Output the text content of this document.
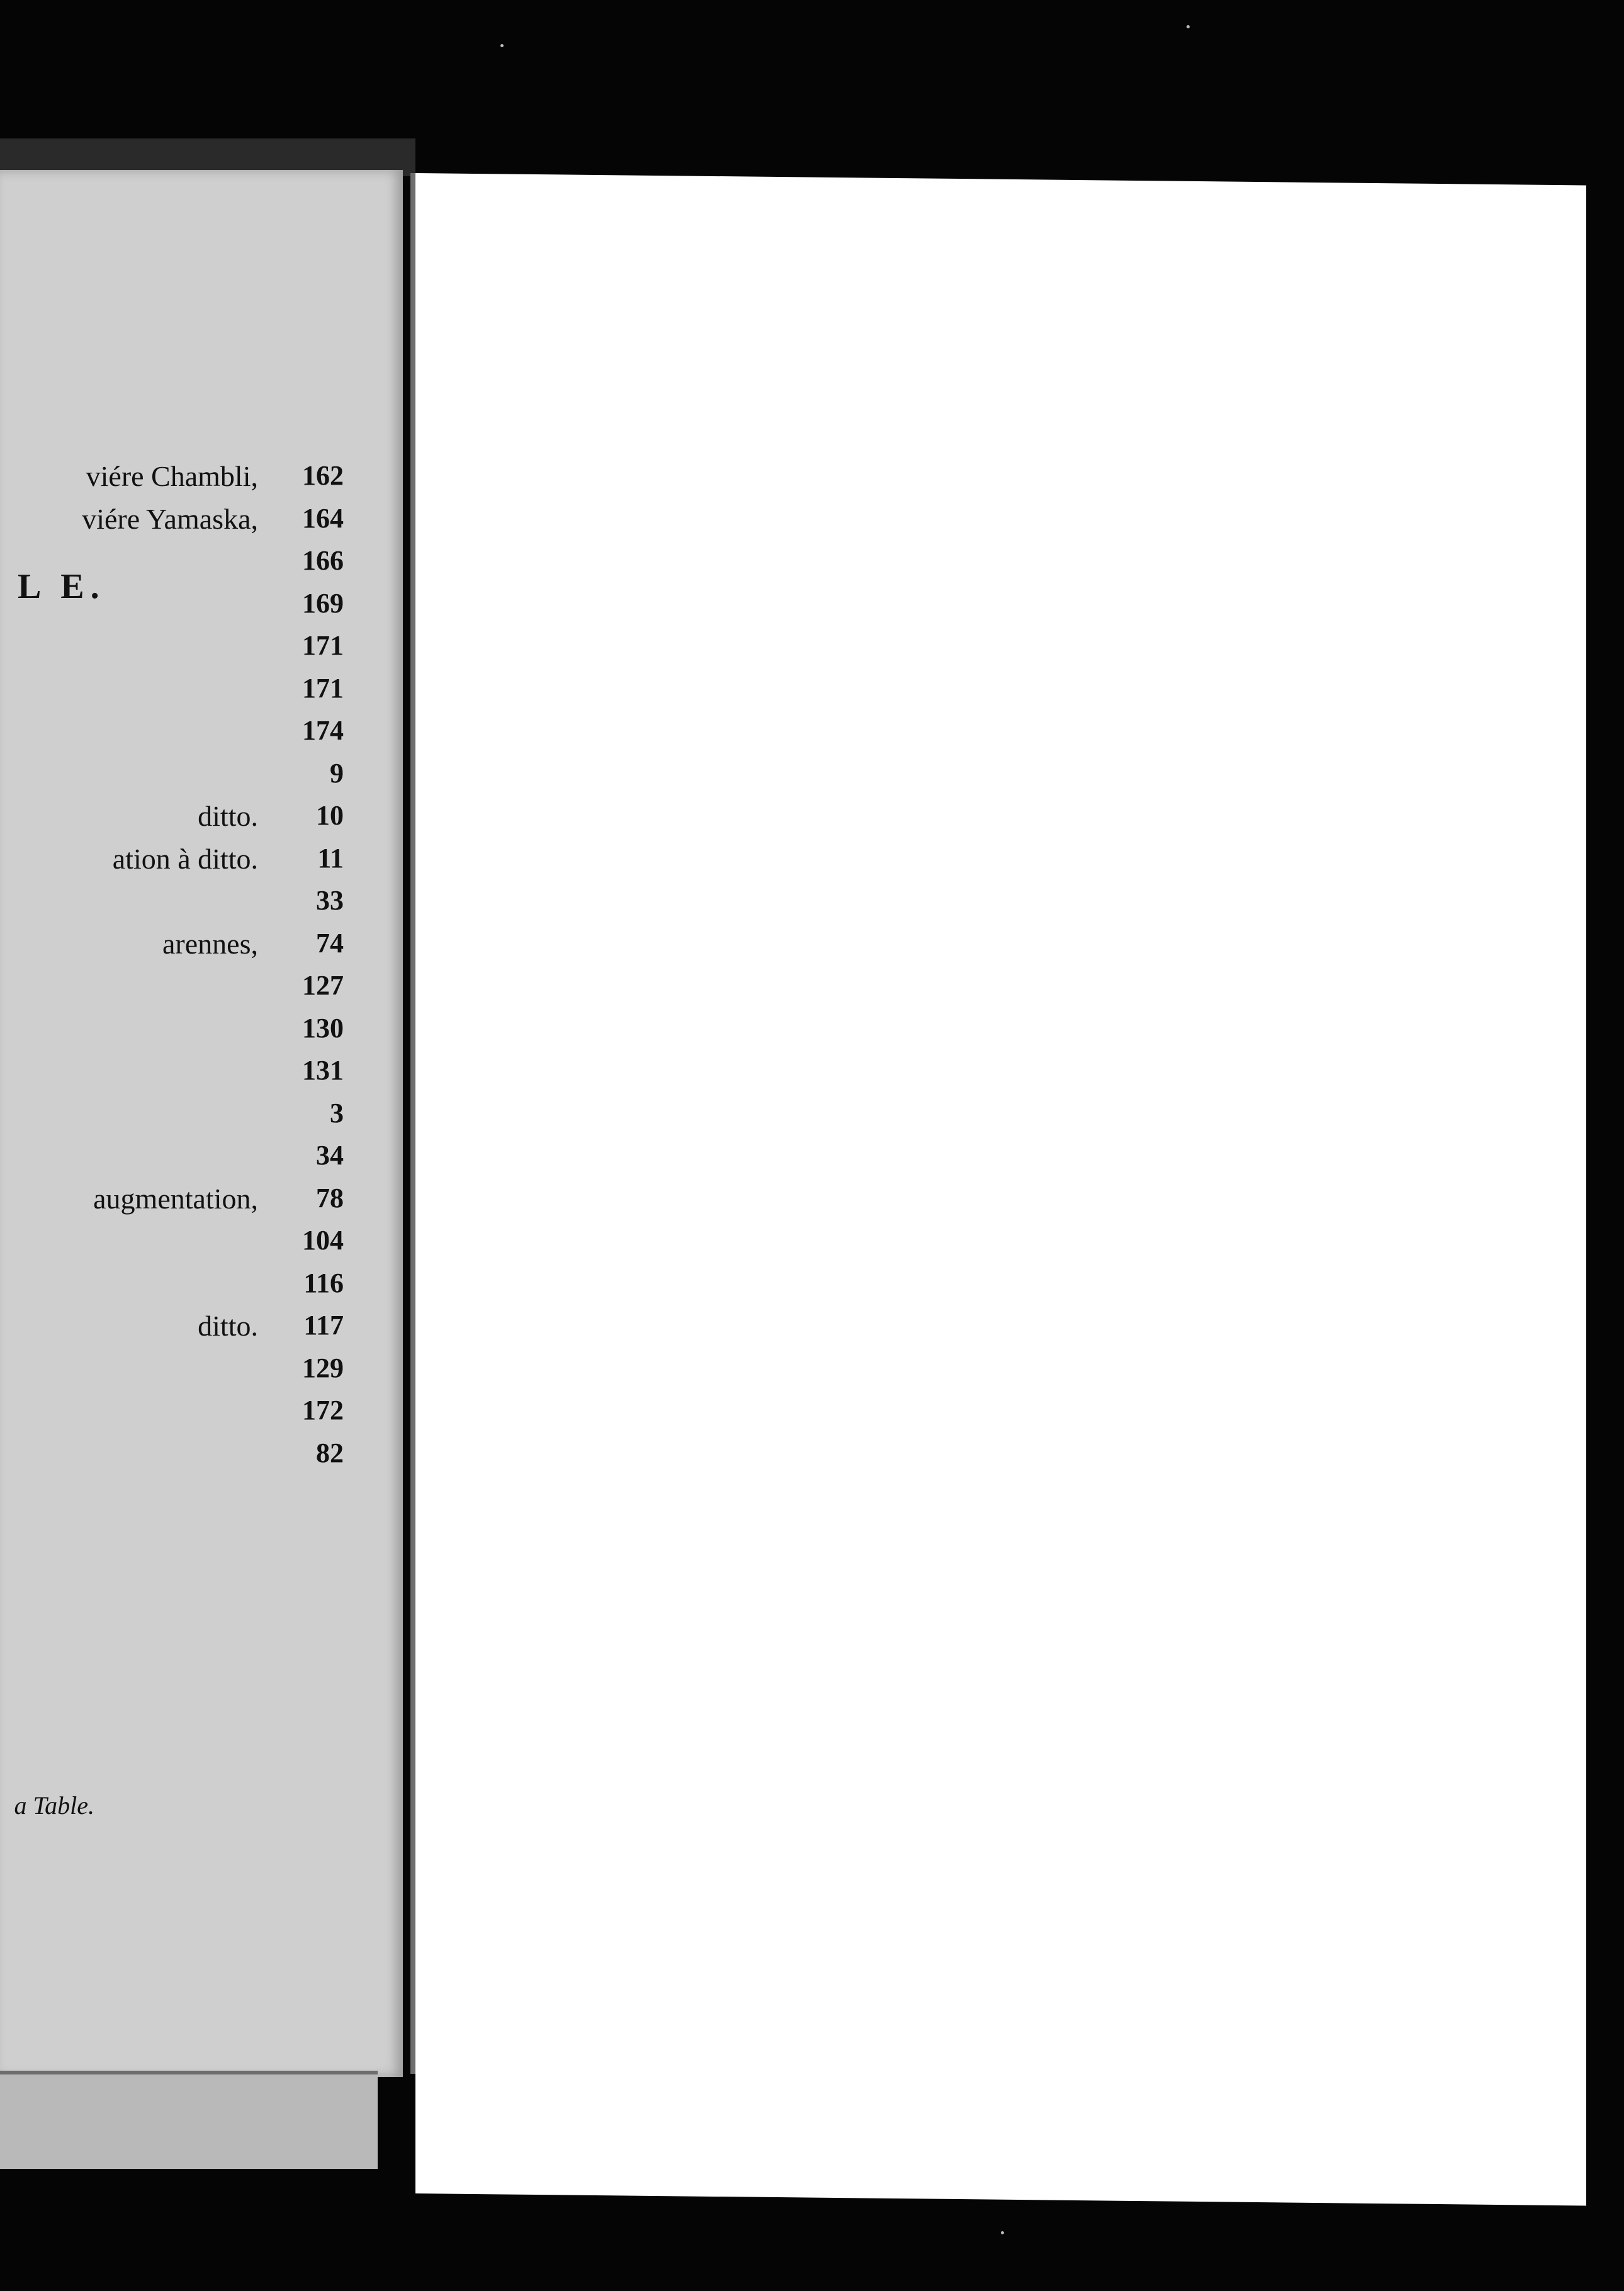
L E.
viére Chambli,	162
viére Yamaska,	164
166
169
171
171
174
9
ditto.	10
ation à ditto.	11
33
arennes,	74
127
130
131
3
34
augmentation,	78
104
116
ditto.	117
129
172
82
a Table.
